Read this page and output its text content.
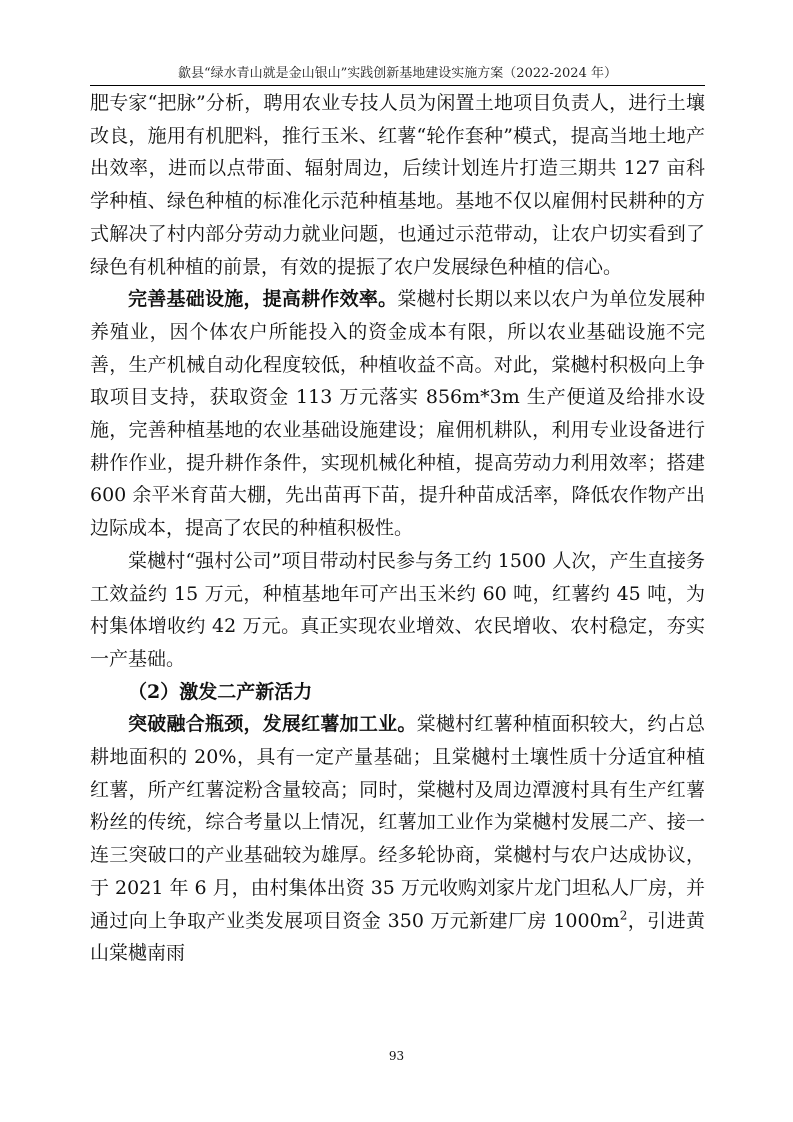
歙县“绿水青山就是金山银山”实践创新基地建设实施方案（2022-2024 年）

肥专家“把脉”分析，聘用农业专技人员为闲置土地项目负责人，进行土壤改良，施用有机肥料，推行玉米、红薯“轮作套种”模式，提高当地土地产出效率，进而以点带面、辐射周边，后续计划连片打造三期共 127 亩科学种植、绿色种植的标准化示范种植基地。基地不仅以雇佣村民耕种的方式解决了村内部分劳动力就业问题，也通过示范带动，让农户切实看到了绿色有机种植的前景，有效的提振了农户发展绿色种植的信心。

完善基础设施，提高耕作效率。棠樾村长期以来以农户为单位发展种养殖业，因个体农户所能投入的资金成本有限，所以农业基础设施不完善，生产机械自动化程度较低，种植收益不高。对此，棠樾村积极向上争取项目支持，获取资金 113 万元落实 856m*3m 生产便道及给排水设施，完善种植基地的农业基础设施建设；雇佣机耕队，利用专业设备进行耕作作业，提升耕作条件，实现机械化种植，提高劳动力利用效率；搭建 600 余平米育苗大棚，先出苗再下苗，提升种苗成活率，降低农作物产出边际成本，提高了农民的种植积极性。

棠樾村“强村公司”项目带动村民参与务工约 1500 人次，产生直接务工效益约 15 万元，种植基地年可产出玉米约 60 吨，红薯约 45 吨，为村集体增收约 42 万元。真正实现农业增效、农民增收、农村稳定，夯实一产基础。

（2）激发二产新活力

突破融合瓶颈，发展红薯加工业。棠樾村红薯种植面积较大，约占总耕地面积的 20%，具有一定产量基础；且棠樾村土壤性质十分适宜种植红薯，所产红薯淀粉含量较高；同时，棠樾村及周边潭渡村具有生产红薯粉丝的传统，综合考量以上情况，红薯加工业作为棠樾村发展二产、接一连三突破口的产业基础较为雄厚。经多轮协商，棠樾村与农户达成协议，于 2021 年 6 月，由村集体出资 35 万元收购刘家片龙门坦私人厂房，并通过向上争取产业类发展项目资金 350 万元新建厂房 $1000m^2$，引进黄山棠樾南雨

93
